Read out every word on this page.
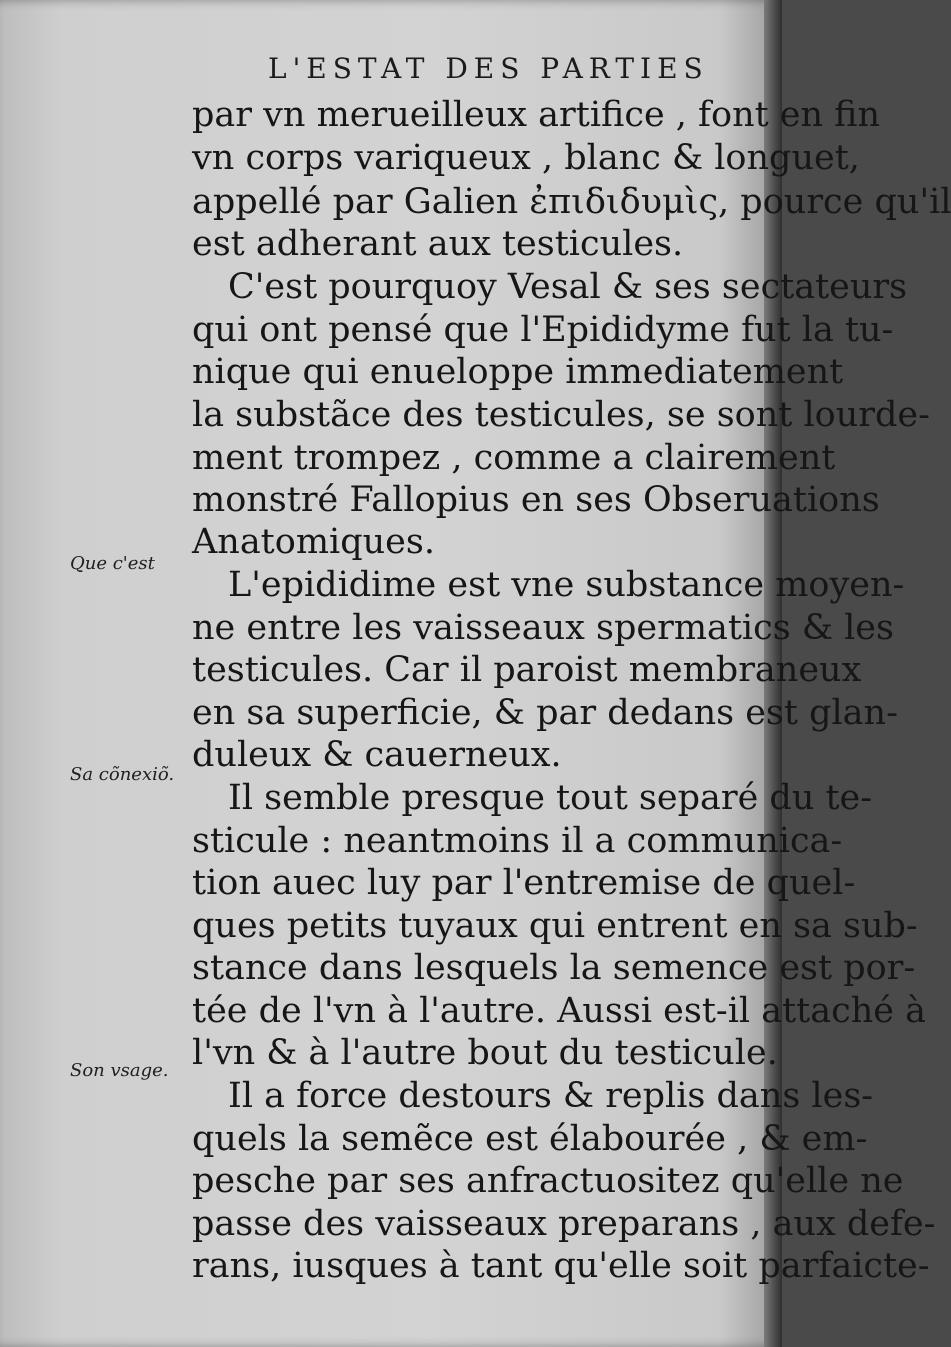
L'ESTAT DES PARTIES
par vn merueilleux artifice , font en fin
vn corps variqueux , blanc & longuet,
appellé par Galien ἐπιδιδυμὶς, pource qu'il
est adherant aux testicules.
C'est pourquoy Vesal & ses sectateurs
qui ont pensé que l'Epididyme fut la tu-
nique qui enueloppe immediatement
la substãce des testicules, se sont lourde-
ment trompez , comme a clairement
monstré Fallopius en ses Obseruations
Anatomiques.
L'epididime est vne substance moyen-
ne entre les vaisseaux spermatics & les
testicules. Car il paroist membraneux
en sa superficie, & par dedans est glan-
duleux & cauerneux.
Il semble presque tout separé du te-
sticule : neantmoins il a communica-
tion auec luy par l'entremise de quel-
ques petits tuyaux qui entrent en sa sub-
stance dans lesquels la semence est por-
tée de l'vn à l'autre. Aussi est-il attaché à
l'vn & à l'autre bout du testicule.
Il a force destours & replis dans les-
quels la semẽce est élabourée , & em-
pesche par ses anfractuositez qu'elle ne
passe des vaisseaux preparans , aux defe-
rans, iusques à tant qu'elle soit parfaicte-
Que c'est
Sa cõnexiõ.
Son vsage.
